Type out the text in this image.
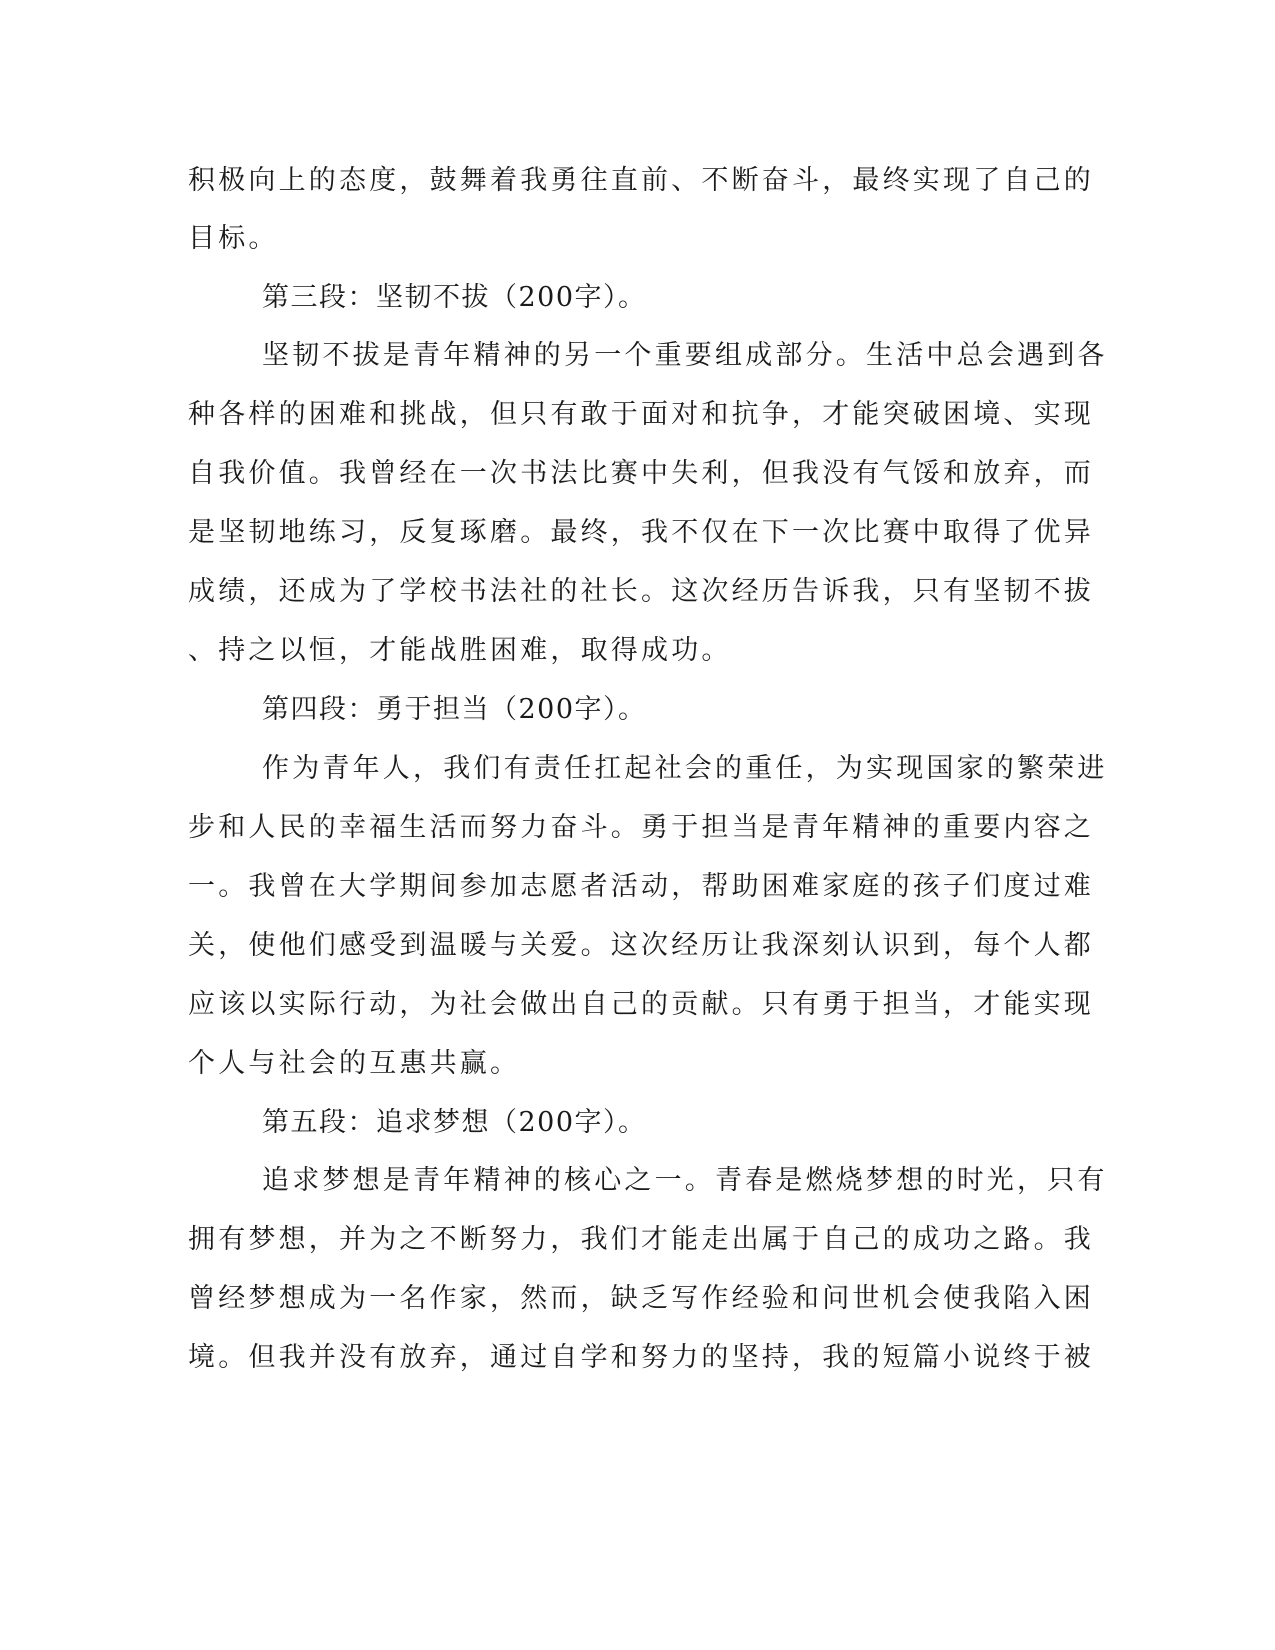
积极向上的态度，鼓舞着我勇往直前、不断奋斗，最终实现了自己的
目标。
第三段：坚韧不拔（200字）。
坚韧不拔是青年精神的另一个重要组成部分。生活中总会遇到各
种各样的困难和挑战，但只有敢于面对和抗争，才能突破困境、实现
自我价值。我曾经在一次书法比赛中失利，但我没有气馁和放弃，而
是坚韧地练习，反复琢磨。最终，我不仅在下一次比赛中取得了优异
成绩，还成为了学校书法社的社长。这次经历告诉我，只有坚韧不拔
、持之以恒，才能战胜困难，取得成功。
第四段：勇于担当（200字）。
作为青年人，我们有责任扛起社会的重任，为实现国家的繁荣进
步和人民的幸福生活而努力奋斗。勇于担当是青年精神的重要内容之
一。我曾在大学期间参加志愿者活动，帮助困难家庭的孩子们度过难
关，使他们感受到温暖与关爱。这次经历让我深刻认识到，每个人都
应该以实际行动，为社会做出自己的贡献。只有勇于担当，才能实现
个人与社会的互惠共赢。
第五段：追求梦想（200字）。
追求梦想是青年精神的核心之一。青春是燃烧梦想的时光，只有
拥有梦想，并为之不断努力，我们才能走出属于自己的成功之路。我
曾经梦想成为一名作家，然而，缺乏写作经验和问世机会使我陷入困
境。但我并没有放弃，通过自学和努力的坚持，我的短篇小说终于被
